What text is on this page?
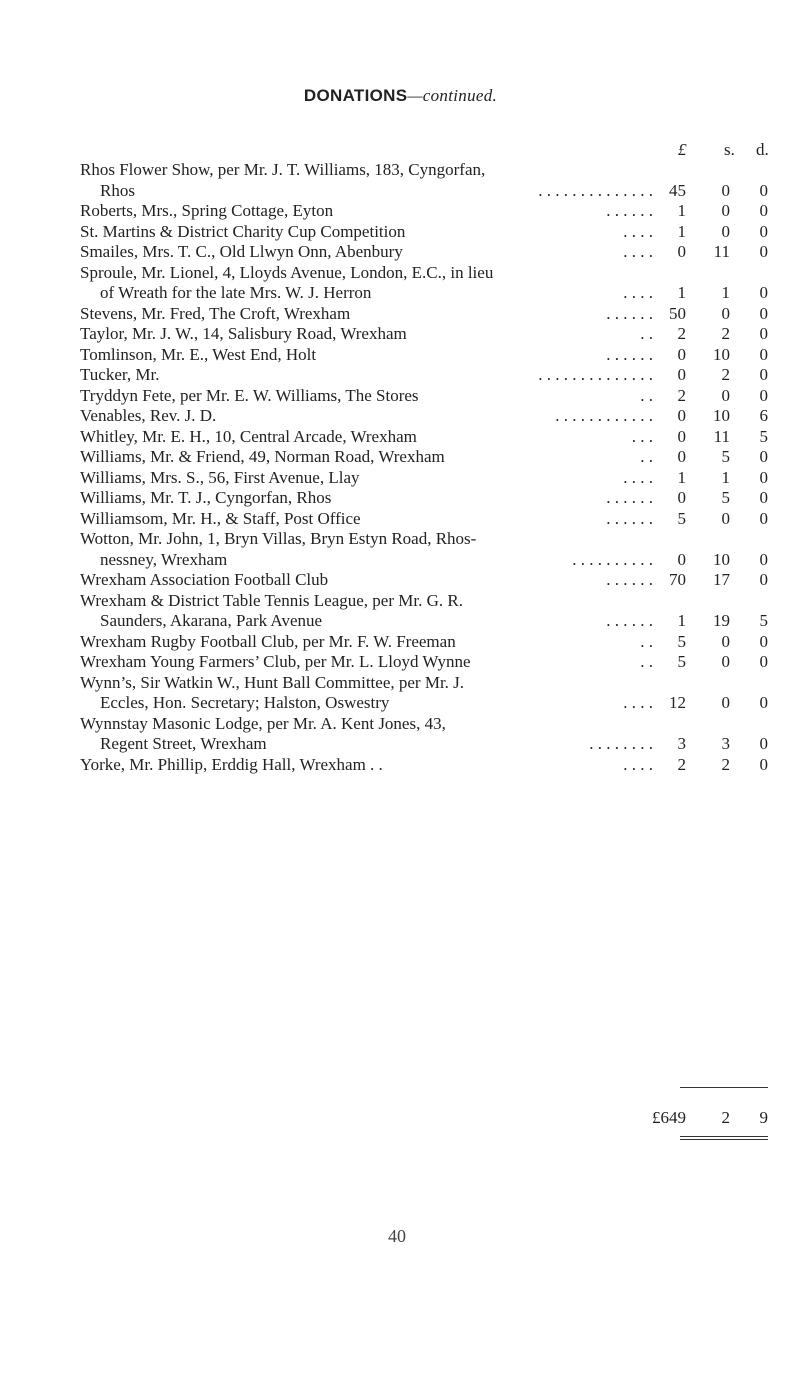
DONATIONS—continued.
£ s. d.
Rhos Flower Show, per Mr. J. T. Williams, 183, Cyngorfan,
Rhos	. . . . . . . . . . . . . . 45	0	0
Roberts, Mrs., Spring Cottage, Eyton	. . . . . .	1	0	0
St. Martins & District Charity Cup Competition	. . . .	1	0	0
Smailes, Mrs. T. C., Old Llwyn Onn, Abenbury	. . . .	0	11	0
Sproule, Mr. Lionel, 4, Lloyds Avenue, London, E.C., in lieu
of Wreath for the late Mrs. W. J. Herron	. . . .	1	1	0
Stevens, Mr. Fred, The Croft, Wrexham	. . . . . . 50	0	0
Taylor, Mr. J. W., 14, Salisbury Road, Wrexham	. .	2	2	0
Tomlinson, Mr. E., West End, Holt	. . . . . .	0 10	0
Tucker, Mr.	. . . . . . . . . . . . . .	0	2	0
Tryddyn Fete, per Mr. E. W. Williams, The Stores	. .	2	0	0
Venables, Rev. J. D.	. . . . . . . . . . . .	0 10	6
Whitley, Mr. E. H., 10, Central Arcade, Wrexham	. . .	0	11	5
Williams, Mr. & Friend, 49, Norman Road, Wrexham	. .	0	5	0
Williams, Mrs. S., 56, First Avenue, Llay	. . . .	1	1	0
Williams, Mr. T. J., Cyngorfan, Rhos	. . . . . .	0	5	0
Williamsom, Mr. H., & Staff, Post Office	. . . . . .	5	0	0
Wotton, Mr. John, 1, Bryn Villas, Bryn Estyn Road, Rhos-
nessney, Wrexham	. . . . . . . . . .	0 10	0
Wrexham Association Football Club	. . . . . . 70 17	0
Wrexham & District Table Tennis League, per Mr. G. R.
Saunders, Akarana, Park Avenue	. . . . . .	1 19	5
Wrexham Rugby Football Club, per Mr. F. W. Freeman	. .	5	0	0
Wrexham Young Farmers’ Club, per Mr. L. Lloyd Wynne	. .	5	0	0
Wynn’s, Sir Watkin W., Hunt Ball Committee, per Mr. J.
Eccles, Hon. Secretary; Halston, Oswestry	. . . . 12	0	0
Wynnstay Masonic Lodge, per Mr. A. Kent Jones, 43,
Regent Street, Wrexham	. . . . . . . .	3	3	0
Yorke, Mr. Phillip, Erddig Hall, Wrexham . .	. . . .	2	2	0
£649	2	9
40
